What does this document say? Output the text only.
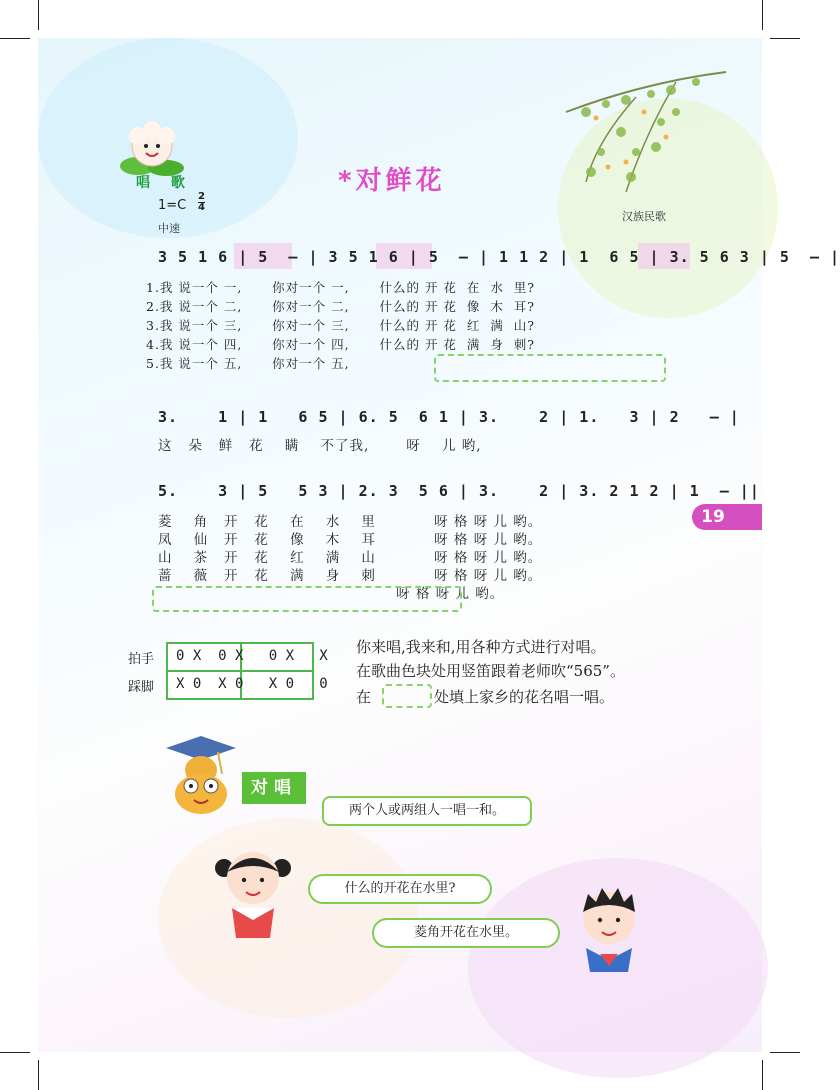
唱 歌	*对鲜花
1=C
2
4
中速
汉族民歌
3 5 1 6 | 5  — | 3 5 1 6 | 5  — | 1 1 2 | 1  6 5 | 3. 5 6 3 | 5  — |
1.我 说一个 一,      你对一个 一,      什么的 开 花  在  水  里?
2.我 说一个 二,      你对一个 二,      什么的 开 花  像  木  耳?
3.我 说一个 三,      你对一个 三,      什么的 开 花  红  满  山?
4.我 说一个 四,      你对一个 四,      什么的 开 花  满  身  刺?
5.我 说一个 五,      你对一个 五,
3.    1 | 1   6 5 | 6. 5  6 1 | 3.    2 | 1.   3 | 2   — |
这   朵   鲜   花    瞒    不了我,       呀    儿 哟,
5.    3 | 5   5 3 | 2. 3  5 6 | 3.    2 | 3. 2 1 2 | 1  — ||
菱    角   开   花    在    水    里           呀 格 呀 儿 哟。
凤    仙   开   花    像    木    耳           呀 格 呀 儿 哟。
山    茶   开   花    红    满    山           呀 格 呀 儿 哟。
蔷    薇   开   花    满    身    刺           呀 格 呀 儿 哟。
呀 格 呀 儿 哟。
19
拍手
踩脚
0 X  0 X   0 X   X
X 0  X 0   X 0   0
你来唱,我来和,用各种方式进行对唱。
在歌曲色块处用竖笛跟着老师吹“565”。
在	处填上家乡的花名唱一唱。
对唱
两个人或两组人一唱一和。
什么的开花在水里?
菱角开花在水里。
